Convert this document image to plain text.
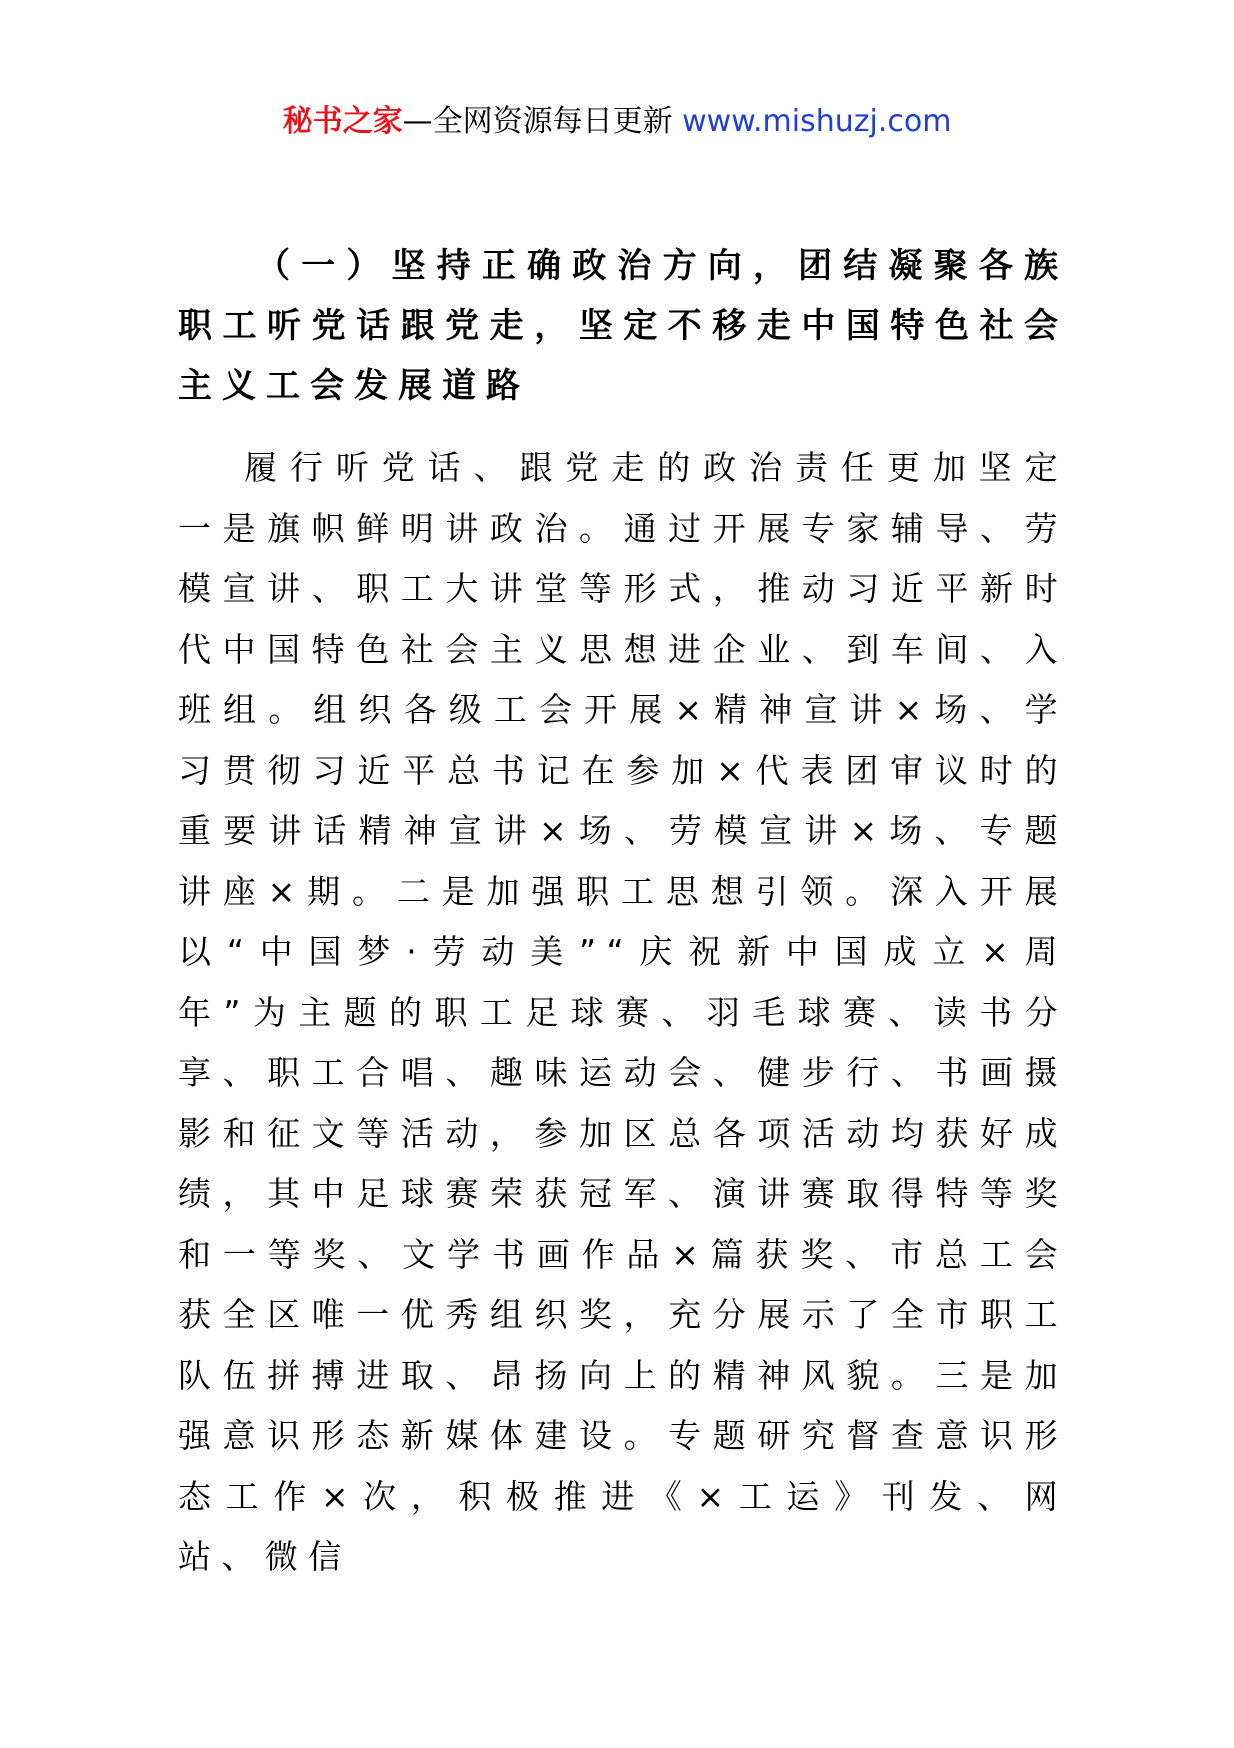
秘书之家—全网资源每日更新 www.mishuzj.com

（一）坚持正确政治方向，团结凝聚各族职工听党话跟党走，坚定不移走中国特色社会主义工会发展道路

履行听党话、跟党走的政治责任更加坚定一是旗帜鲜明讲政治。通过开展专家辅导、劳模宣讲、职工大讲堂等形式，推动习近平新时代中国特色社会主义思想进企业、到车间、入班组。组织各级工会开展×精神宣讲×场、学习贯彻习近平总书记在参加×代表团审议时的重要讲话精神宣讲×场、劳模宣讲×场、专题讲座×期。二是加强职工思想引领。深入开展以“中国梦·劳动美”“庆祝新中国成立×周年”为主题的职工足球赛、羽毛球赛、读书分享、职工合唱、趣味运动会、健步行、书画摄影和征文等活动，参加区总各项活动均获好成绩，其中足球赛荣获冠军、演讲赛取得特等奖和一等奖、文学书画作品×篇获奖、市总工会获全区唯一优秀组织奖，充分展示了全市职工队伍拼搏进取、昂扬向上的精神风貌。三是加强意识形态新媒体建设。专题研究督查意识形态工作×次，积极推进《×工运》刊发、网站、微信
